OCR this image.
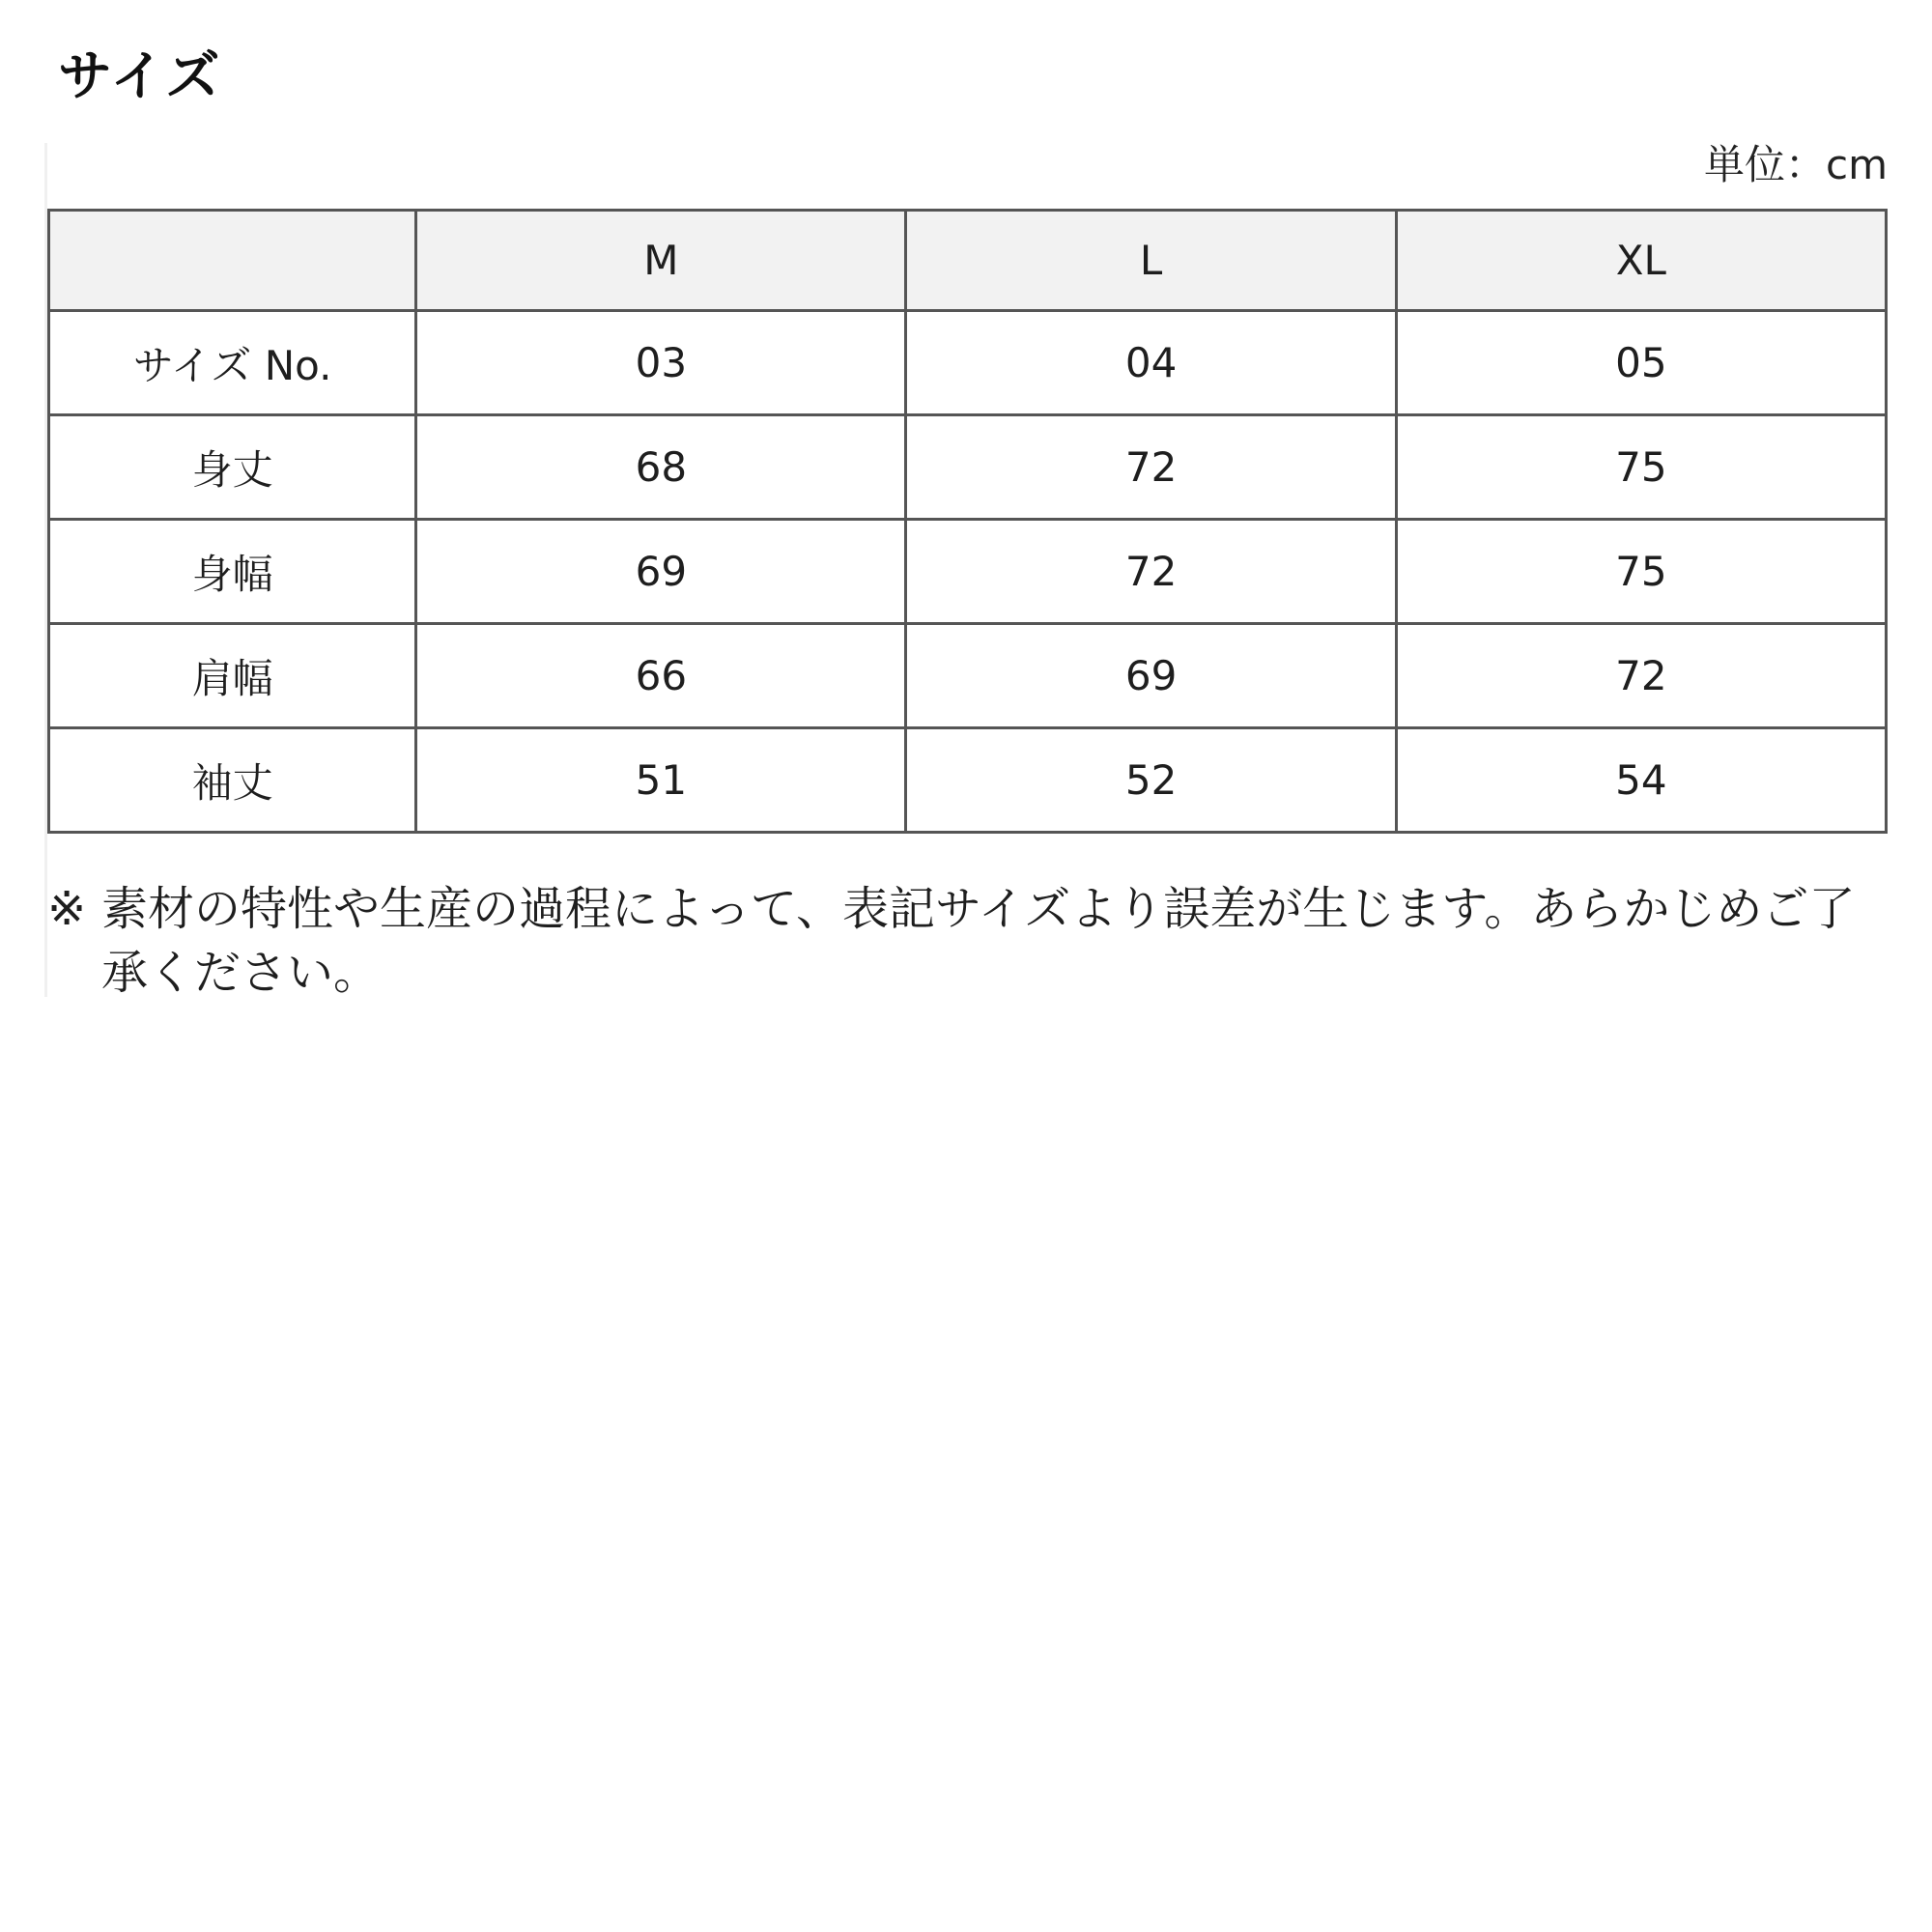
サイズ
単位：cm
	M	L	XL
サイズ No.	03	04	05
身丈	68	72	75
身幅	69	72	75
肩幅	66	69	72
袖丈	51	52	54
※ 素材の特性や生産の過程によって、表記サイズより誤差が生じます。あらかじめご了承ください。
